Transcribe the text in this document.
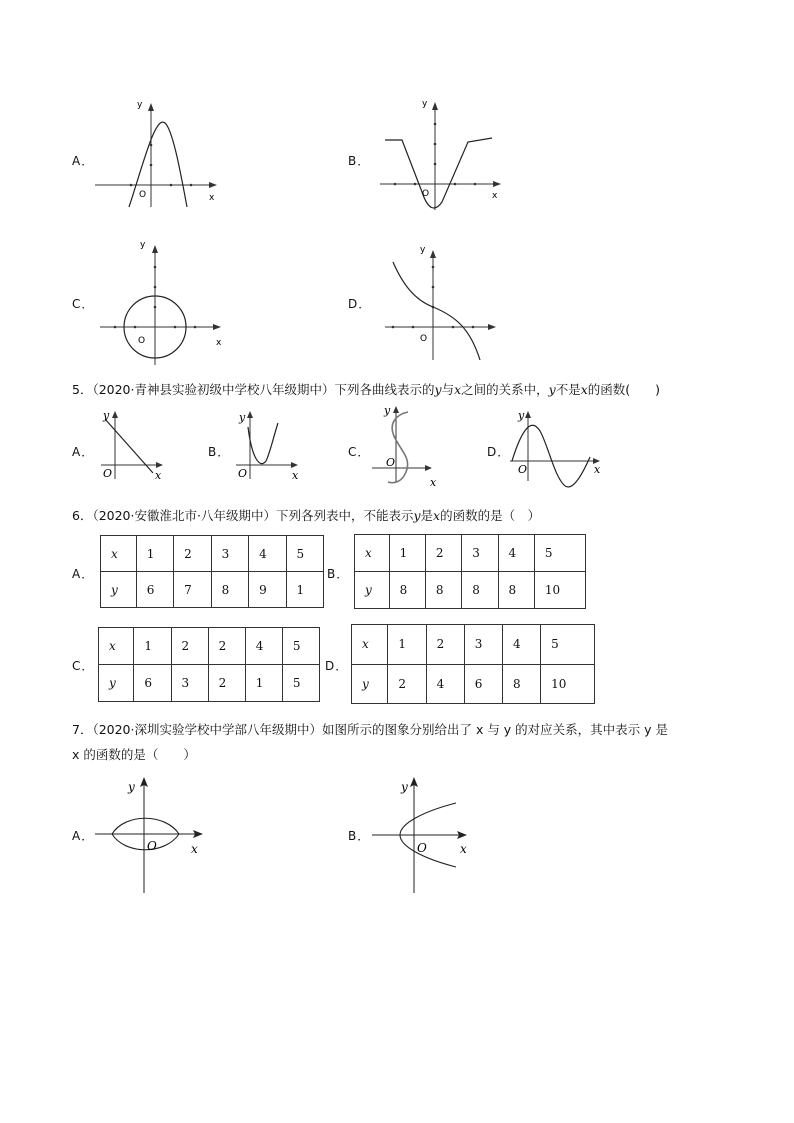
A．
y
x
O
B．
y
x
O
C．
y
x
O
D．
y
O
5．（2020·青神县实验初级中学校八年级期中）下列各曲线表示的y与x之间的关系中，y不是x的函数(　　)
A．
y
x
O
B．
y
x
O
C．
y
x
O
D．
y
x
O
6．（2020·安徽淮北市·八年级期中）下列各列表中，不能表示y是x的函数的是（　）
A．
x	1	2	3	4	5
y	6	7	8	9	1
B．
x	1	2	3	4	5
y	8	8	8	8	10
C．
x	1	2	2	4	5
y	6	3	2	1	5
D．
x	1	2	3	4	5
y	2	4	6	8	10
7．（2020·深圳实验学校中学部八年级期中）如图所示的图象分别给出了 x 与 y 的对应关系，其中表示 y 是
x 的函数的是（　　）
A．
y
x
O
B．
y
x
O
